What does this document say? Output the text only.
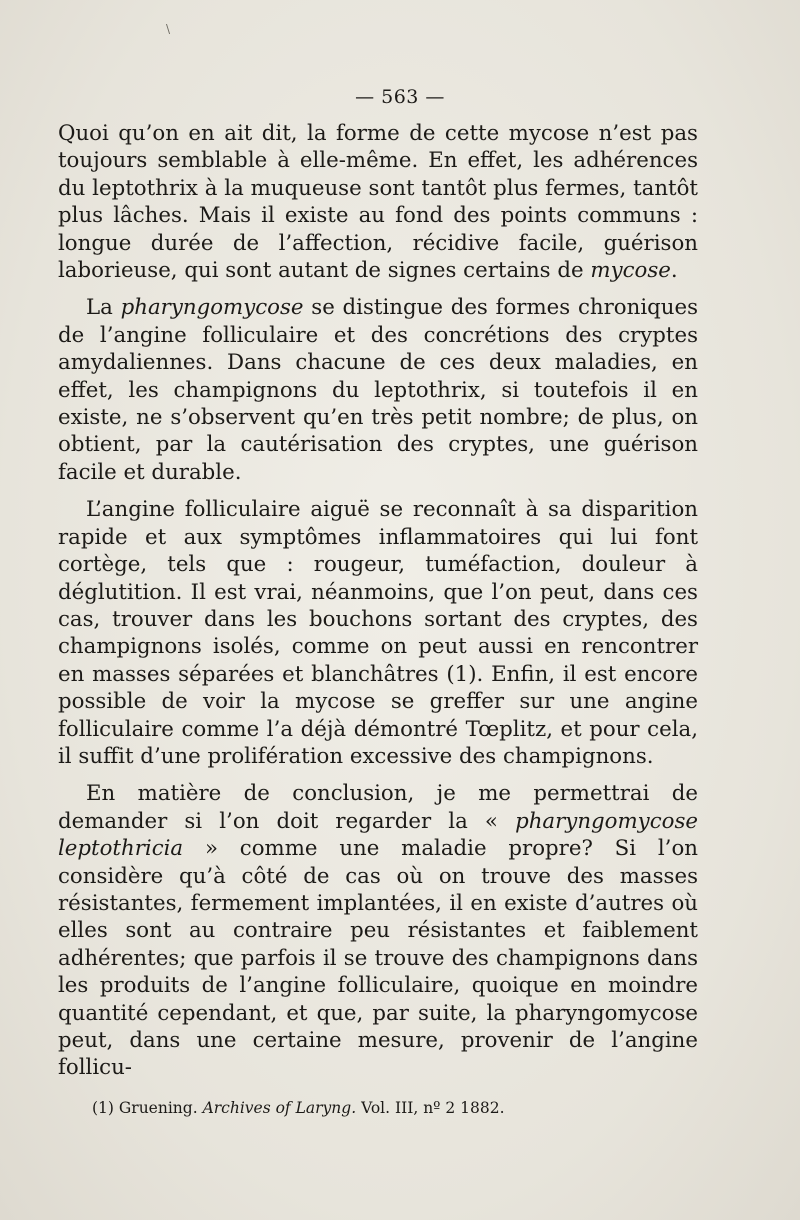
\
— 563 —

Quoi qu’on en ait dit, la forme de cette mycose n’est pas toujours semblable à elle-même. En effet, les adhérences du leptothrix à la muqueuse sont tantôt plus fermes, tantôt plus lâches. Mais il existe au fond des points communs : longue durée de l’affection, récidive facile, guérison laborieuse, qui sont autant de signes certains de mycose.

La pharyngomycose se distingue des formes chroniques de l’angine folliculaire et des concrétions des cryptes amydaliennes. Dans chacune de ces deux maladies, en effet, les champignons du leptothrix, si toutefois il en existe, ne s’observent qu’en très petit nombre; de plus, on obtient, par la cautérisation des cryptes, une guérison facile et durable.

L’angine folliculaire aiguë se reconnaît à sa disparition rapide et aux symptômes inflammatoires qui lui font cortège, tels que : rougeur, tuméfaction, douleur à déglutition. Il est vrai, néanmoins, que l’on peut, dans ces cas, trouver dans les bouchons sortant des cryptes, des champignons isolés, comme on peut aussi en rencontrer en masses séparées et blanchâtres (1). Enfin, il est encore possible de voir la mycose se greffer sur une angine folliculaire comme l’a déjà démontré Tœplitz, et pour cela, il suffit d’une prolifération excessive des champignons.

En matière de conclusion, je me permettrai de demander si l’on doit regarder la « pharyngomycose leptothricia » comme une maladie propre? Si l’on considère qu’à côté de cas où on trouve des masses résistantes, fermement implantées, il en existe d’autres où elles sont au contraire peu résistantes et faiblement adhérentes; que parfois il se trouve des champignons dans les produits de l’angine folliculaire, quoique en moindre quantité cependant, et que, par suite, la pharyngomycose peut, dans une certaine mesure, provenir de l’angine follicu-

(1) Gruening. Archives of Laryng. Vol. III, nº 2 1882.
